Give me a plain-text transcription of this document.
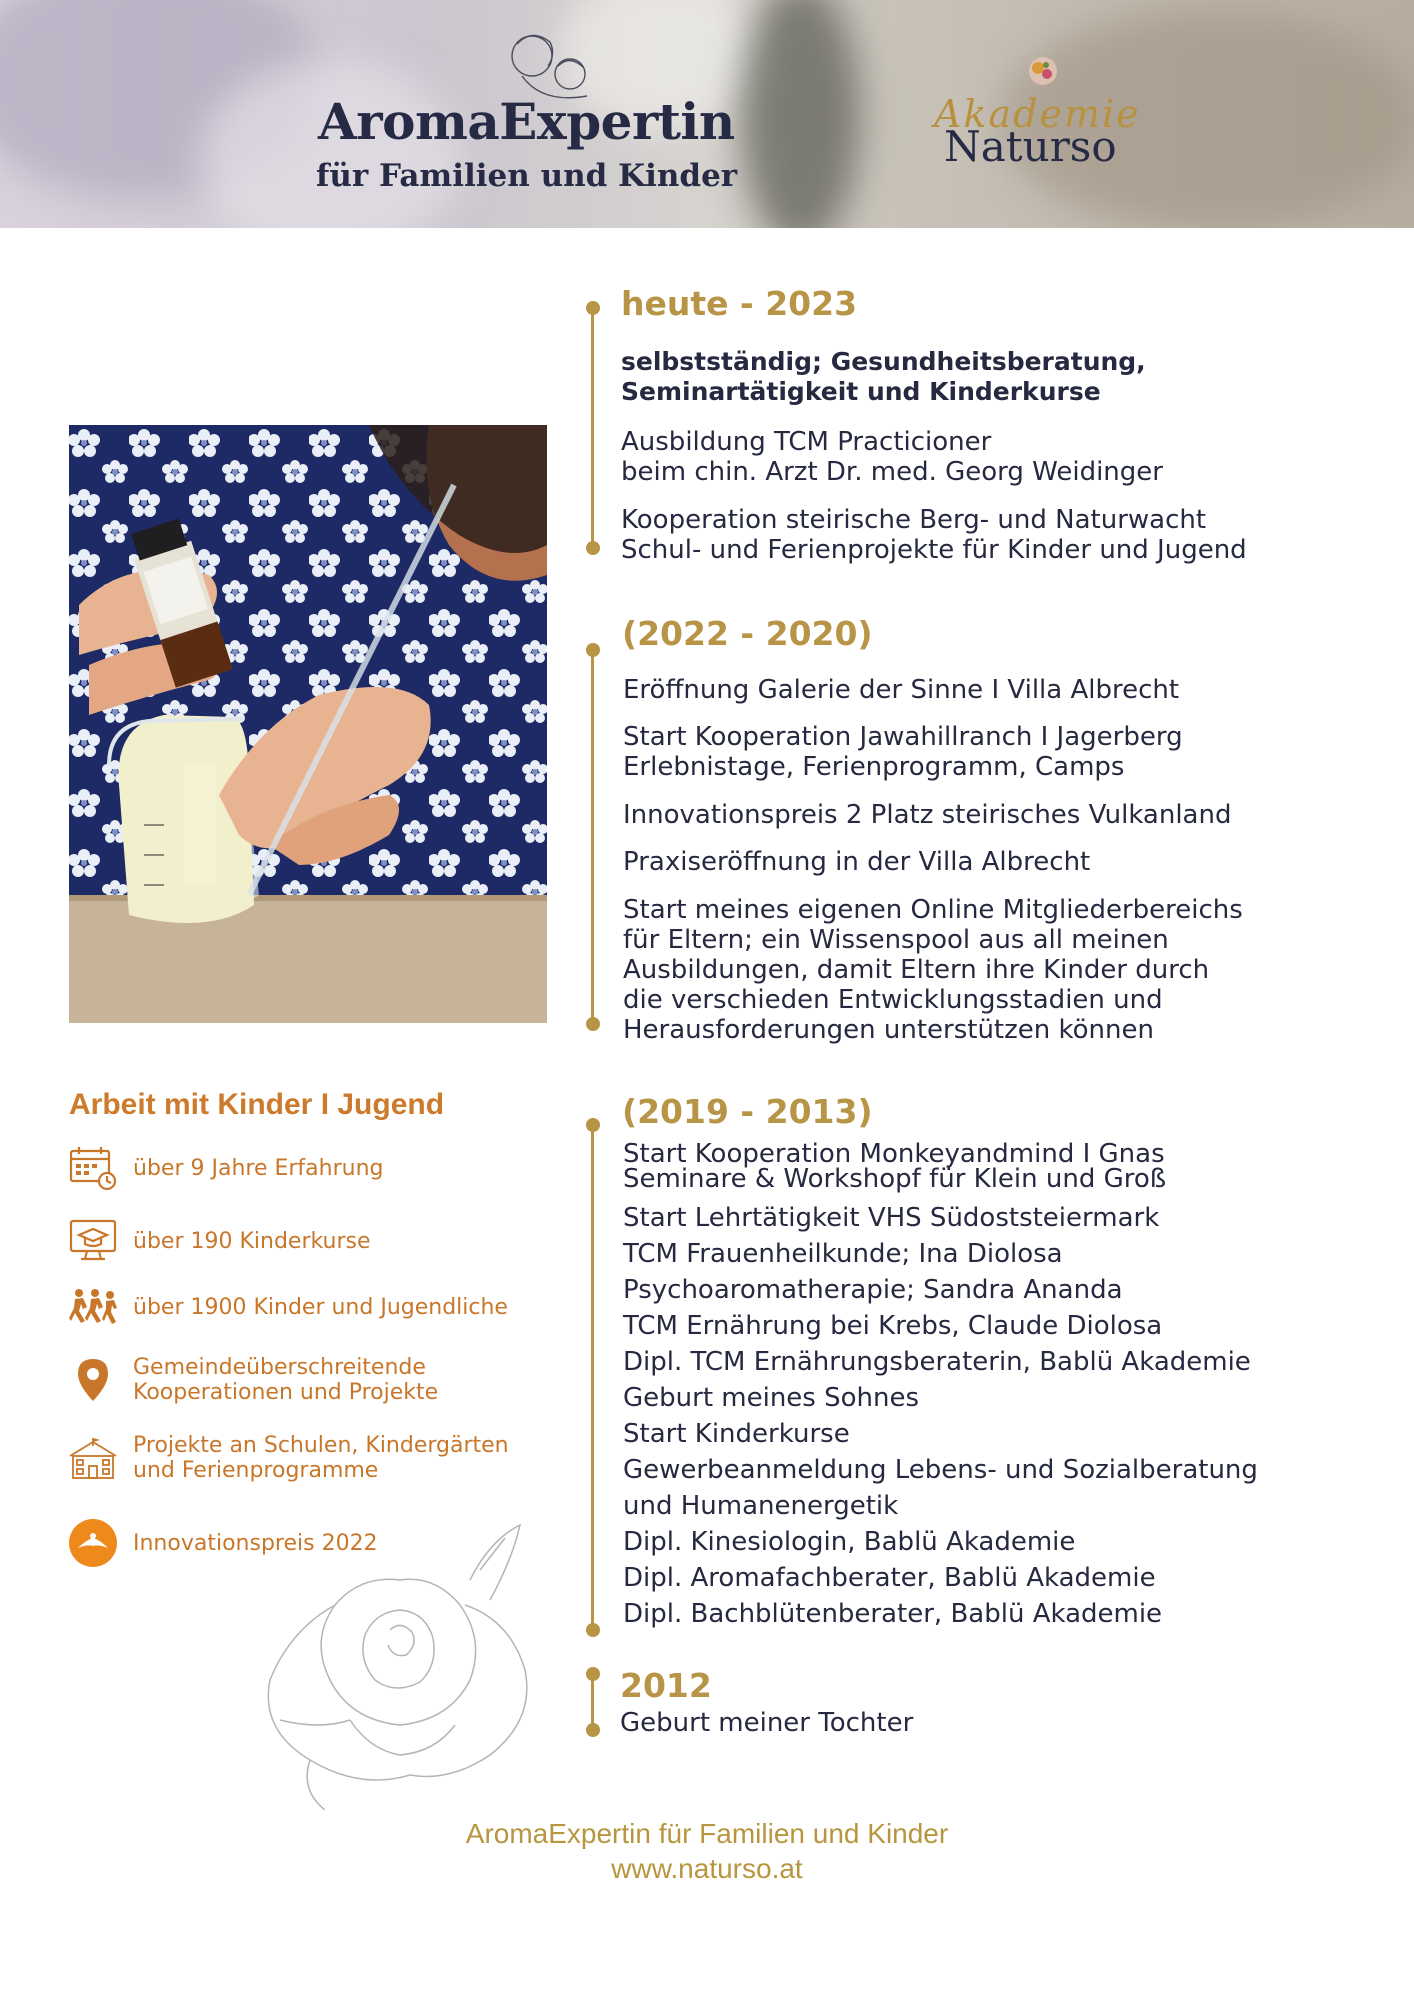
AromaExpertin
für Familien und Kinder
Akademie
Naturso
Arbeit mit Kinder I Jugend
über 9 Jahre Erfahrung
über 190 Kinderkurse
über 1900 Kinder und Jugendliche
Gemeindeüberschreitende
Kooperationen und Projekte
Projekte an Schulen, Kindergärten
und Ferienprogramme
Innovationspreis 2022
heute - 2023

selbstständig; Gesundheitsberatung,
Seminartätigkeit und Kinderkurse

Ausbildung TCM Practicioner
beim chin. Arzt Dr. med. Georg Weidinger

Kooperation steirische Berg- und Naturwacht
Schul- und Ferienprojekte für Kinder und Jugend

(2022 - 2020)

Eröffnung Galerie der Sinne I Villa Albrecht

Start Kooperation Jawahillranch I Jagerberg
Erlebnistage, Ferienprogramm, Camps

Innovationspreis 2 Platz steirisches Vulkanland

Praxiseröffnung in der Villa Albrecht

Start meines eigenen Online Mitgliederbereichs
für Eltern; ein Wissenspool aus all meinen
Ausbildungen, damit Eltern ihre Kinder durch
die verschieden Entwicklungsstadien und
Herausforderungen unterstützen können

(2019 - 2013)
Start Kooperation Monkeyandmind I Gnas
Seminare & Workshopf für Klein und Groß
Start Lehrtätigkeit VHS Südoststeiermark
TCM Frauenheilkunde; Ina Diolosa
Psychoaromatherapie; Sandra Ananda
TCM Ernährung bei Krebs, Claude Diolosa
Dipl. TCM Ernährungsberaterin, Bablü Akademie
Geburt meines Sohnes
Start Kinderkurse
Gewerbeanmeldung Lebens- und Sozialberatung
und Humanenergetik
Dipl. Kinesiologin, Bablü Akademie
Dipl. Aromafachberater, Bablü Akademie
Dipl. Bachblütenberater, Bablü Akademie
2012

Geburt meiner Tochter

AromaExpertin für Familien und Kinder
www.naturso.at
